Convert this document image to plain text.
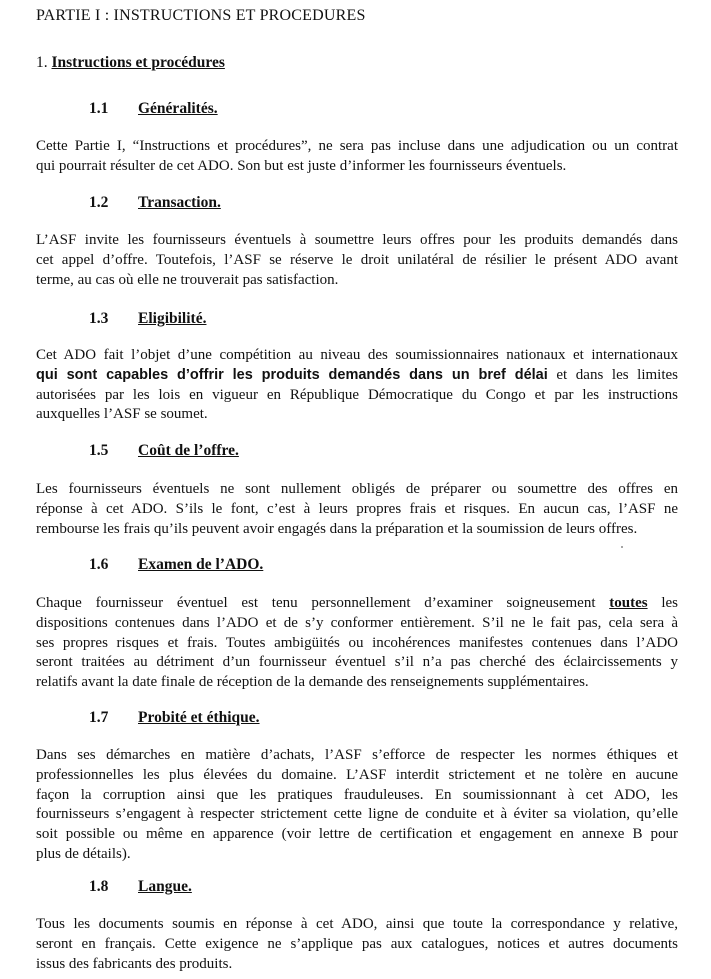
PARTIE I : INSTRUCTIONS ET PROCEDURES
1. Instructions et procédures
1.1 Généralités.
Cette Partie I, “Instructions et procédures”, ne sera pas incluse dans une adjudication ou un contrat
qui pourrait résulter de cet ADO. Son but est juste d’informer les fournisseurs éventuels.
1.2 Transaction.
L’ASF invite les fournisseurs éventuels à soumettre leurs offres pour les produits demandés dans
cet appel d’offre. Toutefois, l’ASF se réserve le droit unilatéral de résilier le présent ADO avant
terme, au cas où elle ne trouverait pas satisfaction.
1.3 Eligibilité.
Cet ADO fait l’objet d’une compétition au niveau des soumissionnaires nationaux et internationaux
qui sont capables d’offrir les produits demandés dans un bref délai et dans les limites
autorisées par les lois en vigueur en République Démocratique du Congo et par les instructions
auxquelles l’ASF se soumet.
1.5 Coût de l’offre.
Les fournisseurs éventuels ne sont nullement obligés de préparer ou soumettre des offres en
réponse à cet ADO. S’ils le font, c’est à leurs propres frais et risques. En aucun cas, l’ASF ne
rembourse les frais qu’ils peuvent avoir engagés dans la préparation et la soumission de leurs offres.
1.6 Examen de l’ADO.
Chaque fournisseur éventuel est tenu personnellement d’examiner soigneusement toutes les
dispositions contenues dans l’ADO et de s’y conformer entièrement. S’il ne le fait pas, cela sera à
ses propres risques et frais. Toutes ambigüités ou incohérences manifestes contenues dans l’ADO
seront traitées au détriment d’un fournisseur éventuel s’il n’a pas cherché des éclaircissements y
relatifs avant la date finale de réception de la demande des renseignements supplémentaires.
1.7 Probité et éthique.
Dans ses démarches en matière d’achats, l’ASF s’efforce de respecter les normes éthiques et
professionnelles les plus élevées du domaine. L’ASF interdit strictement et ne tolère en aucune
façon la corruption ainsi que les pratiques frauduleuses. En soumissionnant à cet ADO, les
fournisseurs s’engagent à respecter strictement cette ligne de conduite et à éviter sa violation, qu’elle
soit possible ou même en apparence (voir lettre de certification et engagement en annexe B pour
plus de détails).
1.8 Langue.
Tous les documents soumis en réponse à cet ADO, ainsi que toute la correspondance y relative,
seront en français. Cette exigence ne s’applique pas aux catalogues, notices et autres documents
issus des fabricants des produits.
